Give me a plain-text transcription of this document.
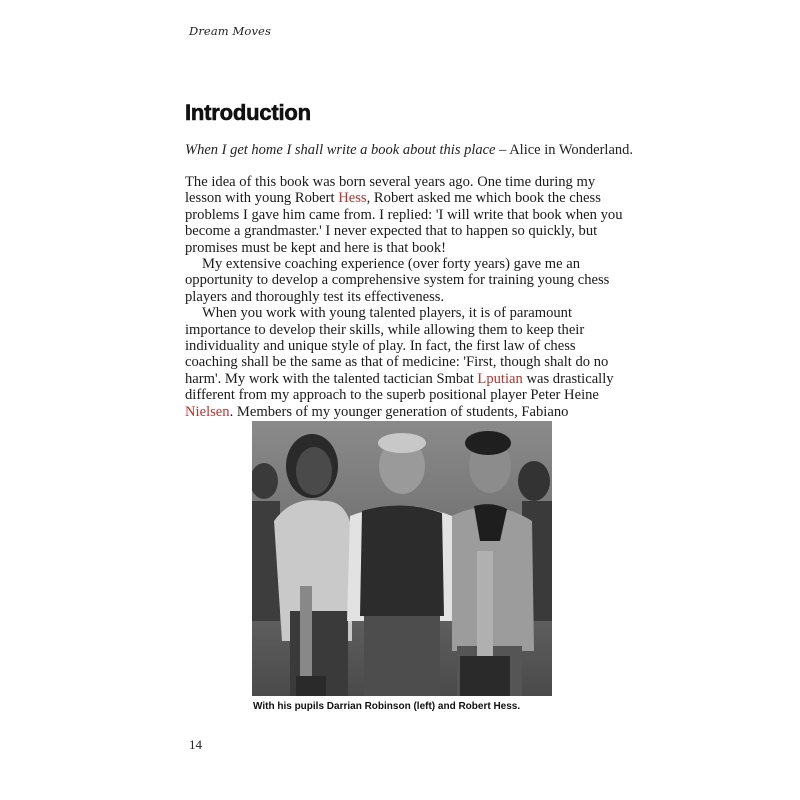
Dream Moves
Introduction

When I get home I shall write a book about this place – Alice in Wonderland.

The idea of this book was born several years ago. One time during my
lesson with young Robert Hess, Robert asked me which book the chess
problems I gave him came from. I replied: 'I will write that book when you
become a grandmaster.' I never expected that to happen so quickly, but
promises must be kept and here is that book!

My extensive coaching experience (over forty years) gave me an
opportunity to develop a comprehensive system for training young chess
players and thoroughly test its effectiveness.

When you work with young talented players, it is of paramount
importance to develop their skills, while allowing them to keep their
individuality and unique style of play. In fact, the first law of chess
coaching shall be the same as that of medicine: 'First, though shalt do no
harm'. My work with the talented tactician Smbat Lputian was drastically
different from my approach to the superb positional player Peter Heine
Nielsen. Members of my younger generation of students, Fabiano

With his pupils Darrian Robinson (left) and Robert Hess.
14
